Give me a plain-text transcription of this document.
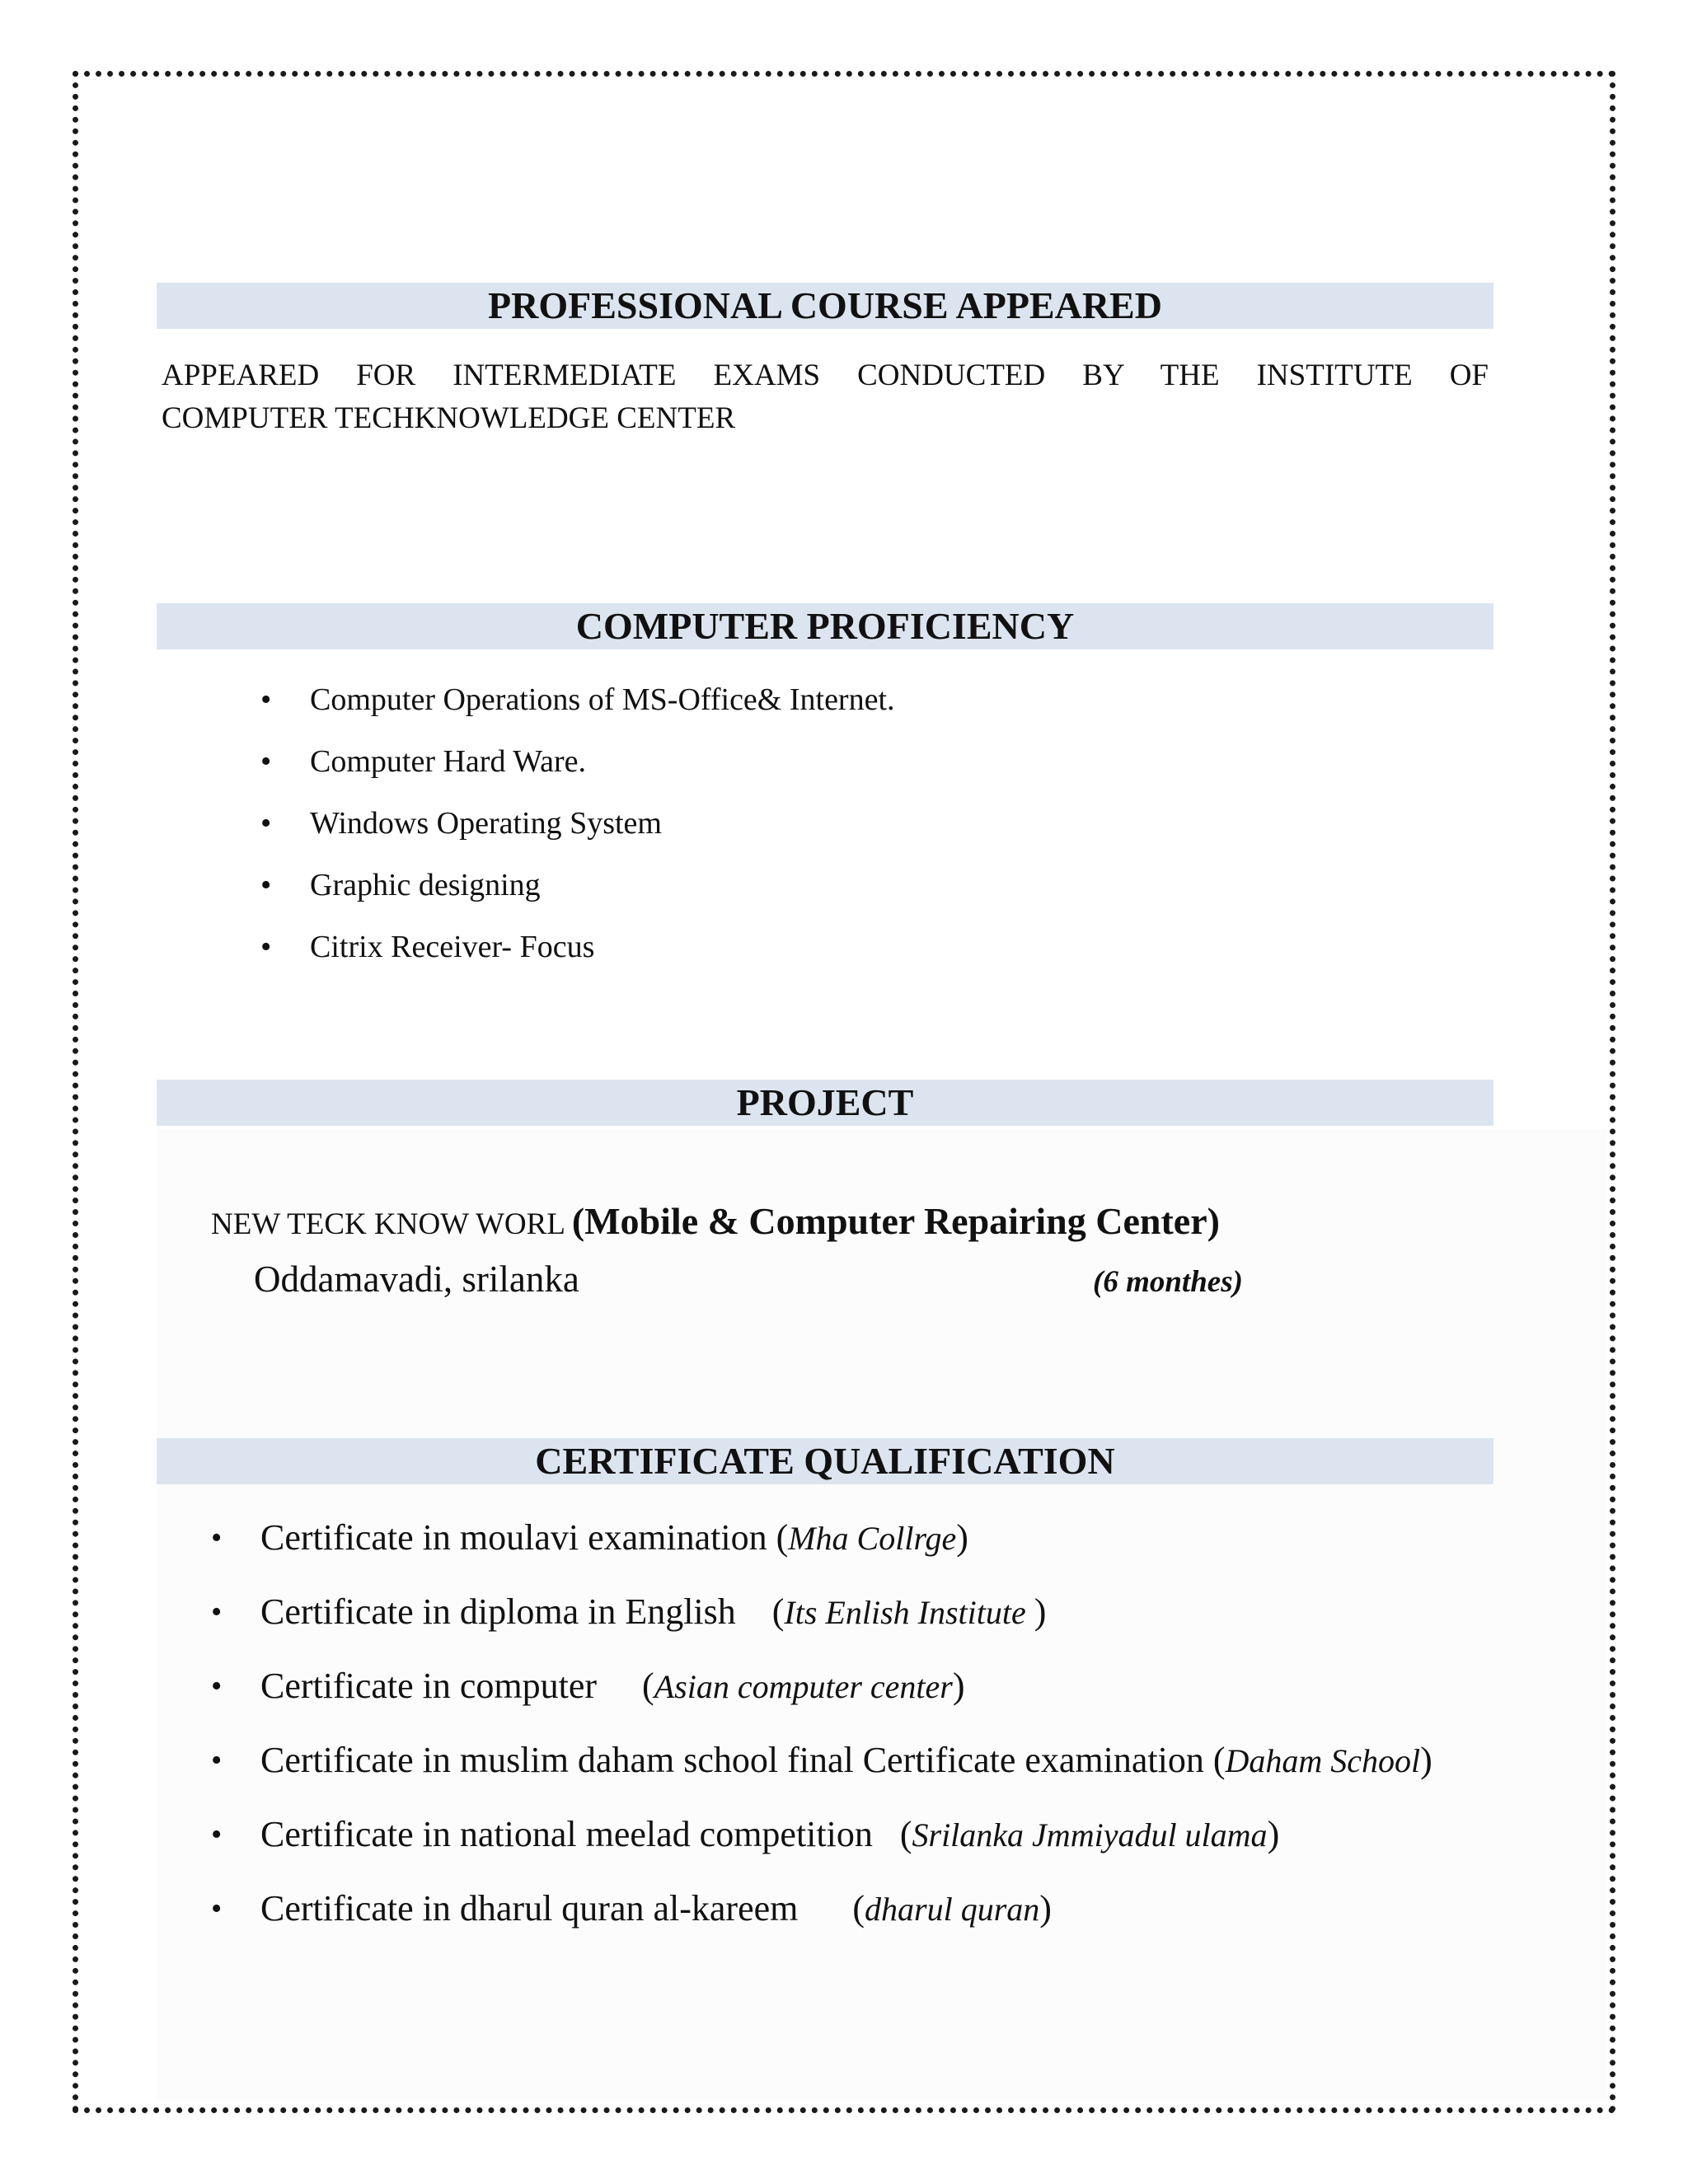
PROFESSIONAL COURSE APPEARED
APPEARED FOR INTERMEDIATE EXAMS CONDUCTED BY THE INSTITUTE OF
COMPUTER TECHKNOWLEDGE CENTER
COMPUTER PROFICIENCY
• Computer Operations of MS-Office& Internet.
• Computer Hard Ware.
• Windows Operating System
• Graphic designing
• Citrix Receiver- Focus
PROJECT
NEW TECK KNOW WORL (Mobile & Computer Repairing Center)
Oddamavadi, srilanka	(6 monthes)
CERTIFICATE QUALIFICATION
• Certificate in moulavi examination (Mha Collrge)
• Certificate in diploma in English    (Its Enlish Institute )
• Certificate in computer     (Asian computer center)
• Certificate in muslim daham school final Certificate examination (Daham School)
• Certificate in national meelad competition   (Srilanka Jmmiyadul ulama)
• Certificate in dharul quran al-kareem      (dharul quran)
